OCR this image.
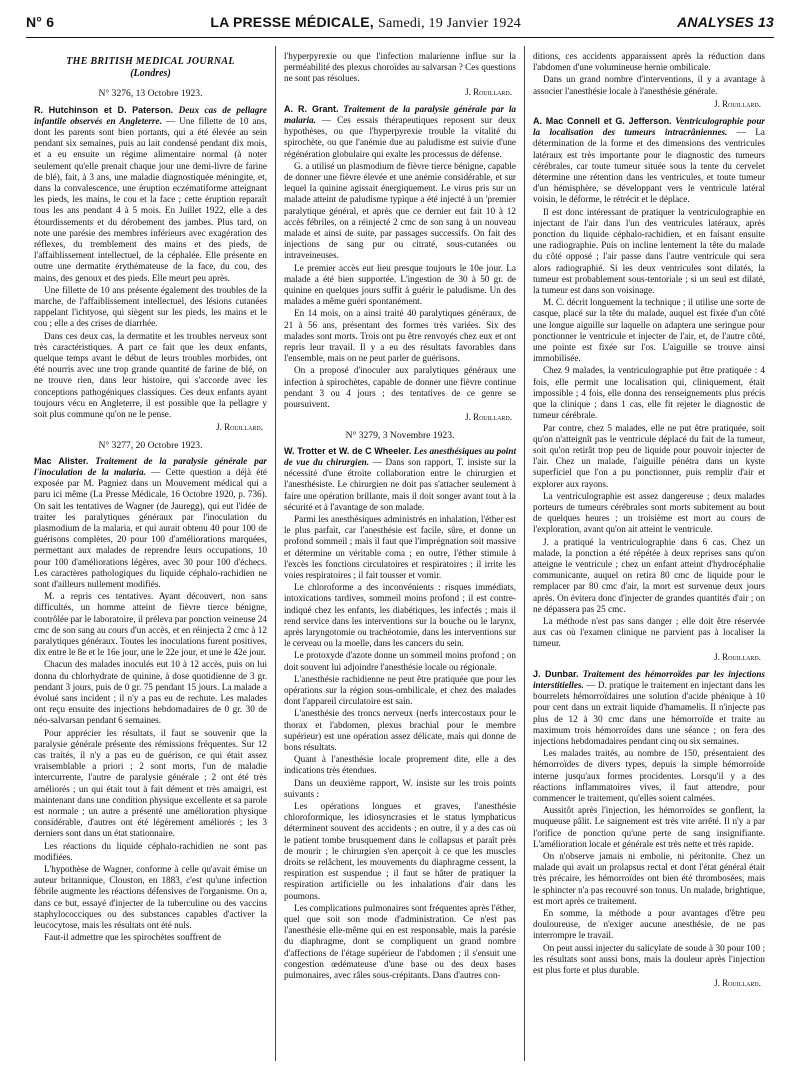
N° 6	LA PRESSE MÉDICALE, Samedi, 19 Janvier 1924	ANALYSES 13
THE BRITISH MEDICAL JOURNAL
(Londres)
N° 3276, 13 Octobre 1923.

R. Hutchinson et D. Paterson. Deux cas de pellagre infantile observés en Angleterre. — Une fillette de 10 ans, dont les parents sont bien portants, qui a été élevée au sein pendant six semaines, puis au lait condensé pendant dix mois, et a eu ensuite un régime alimentaire normal (à noter seulement qu'elle prenait chaque jour une demi-livre de farine de blé), fait, à 3 ans, une maladie diagnostiquée méningite, et, dans la convalescence, une éruption eczématiforme atteignant les pieds, les mains, le cou et la face ; cette éruption reparaît tous les ans pendant 4 à 5 mois. En Juillet 1922, elle a des étourdissements et du dérobement des jambes. Plus tard, on note une parésie des membres inférieurs avec exagération des réflexes, du tremblement des mains et des pieds, de l'affaiblissement intellectuel, de la céphalée. Elle présente en outre une dermatite érythémateuse de la face, du cou, des mains, des genoux et des pieds. Elle meurt peu après.

Une fillette de 10 ans présente également des troubles de la marche, de l'affaiblissement intellectuel, des lésions cutanées rappelant l'ichtyose, qui siègent sur les pieds, les mains et le cou ; elle a des crises de diarrhée.

Dans ces deux cas, la dermatite et les troubles nerveux sont très caractéristiques. A part ce fait que les deux enfants, quelque temps avant le début de leurs troubles morbides, ont été nourris avec une trop grande quantité de farine de blé, on ne trouve rien, dans leur histoire, qui s'accorde avec les conceptions pathogéniques classiques. Ces deux enfants ayant toujours vécu en Angleterre, il est possible que la pellagre y soit plus commune qu'on ne le pense.

J. Rouillard.
N° 3277, 20 Octobre 1923.

Mac Alister. Traitement de la paralysie générale par l'inoculation de la malaria. — Cette question a déjà été exposée par M. Pagniez dans un Mouvement médical qui a paru ici même (La Presse Médicale, 16 Octobre 1920, p. 736). On sait les tentatives de Wagner (de Jauregg), qui eut l'idée de traiter les paralytiques généraux par l'inoculation du plasmodium de la malaria, et qui aurait obtenu 40 pour 100 de guérisons complètes, 20 pour 100 d'améliorations marquées, permettant aux malades de reprendre leurs occupations, 10 pour 100 d'améliorations légères, avec 30 pour 100 d'échecs. Les caractères pathologiques du liquide céphalo-rachidien ne sont d'ailleurs nullement modifiés.

M. a repris ces tentatives. Ayant découvert, non sans difficultés, un homme atteint de fièvre tierce bénigne, contrôlée par le laboratoire, il préleva par ponction veineuse 24 cmc de son sang au cours d'un accès, et en réinjecta 2 cmc à 12 paralytiques généraux. Toutes les inoculations furent positives, dix entre le 8e et le 16e jour, une le 22e jour, et une le 42e jour.

Chacun des malades inoculés eut 10 à 12 accès, puis on lui donna du chlorhydrate de quinine, à dose quotidienne de 3 gr. pendant 3 jours, puis de 0 gr. 75 pendant 15 jours. La malade a évolué sans incident ; il n'y a pas eu de rechute. Les malades ont reçu ensuite des injections hebdomadaires de 0 gr. 30 de néo-salvarsan pendant 6 semaines.

Pour apprécier les résultats, il faut se souvenir que la paralysie générale présente des rémissions fréquentes. Sur 12 cas traités, il n'y a pas eu de guérison, ce qui était assez vraisemblable a priori ; 2 sont morts, l'un de maladie intercurrente, l'autre de paralysie générale ; 2 ont été très améliorés ; un qui était tout à fait dément et très amaigri, est maintenant dans une condition physique excellente et sa parole est normale ; un autre a présenté une amélioration physique considérable, d'autres ont été légèrement améliorés ; les 3 derniers sont dans un état stationnaire.

Les réactions du liquide céphalo-rachidien ne sont pas modifiées.

L'hypothèse de Wagner, conforme à celle qu'avait émise un auteur britannique, Clouston, en 1883, c'est qu'une infection fébrile augmente les réactions défensives de l'organisme. On a, dans ce but, essayé d'injecter de la tuberculine ou des vaccins staphylococciques ou des substances capables d'activer la leucocytose, mais les résultats ont été nuls.

Faut-il admettre que les spirochètes souffrent de

l'hyperpyrexie ou que l'infection malarienne influe sur la perméabilité des plexus choroïdes au salvarsan ? Ces questions ne sont pas résolues.

J. Rouillard.

A. R. Grant. Traitement de la paralysie générale par la malaria. — Ces essais thérapeutiques reposent sur deux hypothèses, ou que l'hyperpyrexie trouble la vitalité du spirochète, ou que l'anémie due au paludisme est suivie d'une régénération globulaire qui exalte les processus de défense.

G. a utilisé un plasmodium de fièvre tierce bénigne, capable de donner une fièvre élevée et une anémie considérable, et sur lequel la quinine agissait énergiquement. Le virus pris sur un malade atteint de paludisme typique a été injecté à un 'premier paralytique général, et après que ce dernier eut fait 10 à 12 accès fébriles, on a réinjecté 2 cmc de son sang à un nouveau malade et ainsi de suite, par passages successifs. On fait des injections de sang pur ou citraté, sous-cutanées ou intraveineuses.

Le premier accès eut lieu presque toujours le 10e jour. La malade a été bien supportée. L'ingestion de 30 à 50 gr. de quinine en quelques jours suffit à guérir le paludisme. Un des malades a même guéri spontanément.

En 14 mois, on a ainsi traité 40 paralytiques généraux, de 21 à 56 ans, présentant des formes très variées. Six des malades sont morts. Trois ont pu être renvoyés chez eux et ont repris leur travail. Il y a eu des résultats favorables dans l'ensemble, mais on ne peut parler de guérisons.

On a proposé d'inoculer aux paralytiques généraux une infection à spirochètes, capable de donner une fièvre continue pendant 3 ou 4 jours ; des tentatives de ce genre se poursuivent.

J. Rouillard.
N° 3279, 3 Novembre 1923.

W. Trotter et W. de C Wheeler. Les anesthésiques au point de vue du chirurgien. — Dans son rapport, T. insiste sur la nécessité d'une étroite collaboration entre le chirurgien et l'anesthésiste. Le chirurgien ne doit pas s'attacher seulement à faire une opération brillante, mais il doit songer avant tout à la sécurité et à l'avantage de son malade.

Parmi les anesthésiques administrés en inhalation, l'éther est le plus parfait, car l'anesthésie est facile, sûre, et donne un profond sommeil ; mais il faut que l'imprégnation soit massive et détermine un véritable coma ; en outre, l'éther stimule à l'excès les fonctions circulatoires et respiratoires ; il irrite les voies respiratoires ; il fait tousser et vomir.

Le chloroforme a des inconvénients : risques immédiats, intoxications tardives, sommeil moins profond ; il est contre-indiqué chez les enfants, les diabétiques, les infectés ; mais il rend service dans les interventions sur la bouche ou le larynx, après laryngotomie ou trachéotomie, dans les interventions sur le cerveau ou la moelle, dans les cancers du sein.

Le protoxyde d'azote donne un sommeil moins profond ; on doit souvent lui adjoindre l'anesthésie locale ou régionale.

L'anesthésie rachidienne ne peut être pratiquée que pour les opérations sur la région sous-ombilicale, et chez des malades dont l'appareil circulatoire est sain.

L'anesthésie des troncs nerveux (nerfs intercostaux pour le thorax et l'abdomen, plexus brachial pour le membre supérieur) est une opération assez délicate, mais qui donne de bons résultats.

Quant à l'anesthésie locale proprement dite, elle a des indications très étendues.

Dans un deuxième rapport, W. insiste sur les trois points suivants :

Les opérations longues et graves, l'anesthésie chloroformique, les idiosyncrasies et le status lymphaticus déterminent souvent des accidents ; en outre, il y a des cas où le patient tombe brusquement dans le collapsus et paraît près de mourir ; le chirurgien s'en aperçoit à ce que les muscles droits se relâchent, les mouvements du diaphragme cessent, la respiration est suspendue ; il faut se hâter de pratiquer la respiration artificielle ou les inhalations d'air dans les poumons.

Les complications pulmonaires sont fréquentes après l'éther, quel que soit son mode d'administration. Ce n'est pas l'anesthésie elle-même qui en est responsable, mais la parésie du diaphragme, dont se compliquent un grand nombre d'affections de l'étage supérieur de l'abdomen ; il s'ensuit une congestion œdémateuse d'une base ou des deux bases pulmonaires, avec râles sous-crépitants. Dans d'autres con-

ditions, ces accidents apparaissent après la réduction dans l'abdomen d'une volumineuse hernie ombilicale.

Dans un grand nombre d'interventions, il y a avantage à associer l'anesthésie locale à l'anesthésie générale.

J. Rouillard.

A. Mac Connell et G. Jefferson. Ventriculographie pour la localisation des tumeurs intracrâniennes. — La détermination de la forme et des dimensions des ventricules latéraux est très importante pour le diagnostic des tumeurs cérébrales, car toute tumeur située sous la tente du cervelet détermine une rétention dans les ventricules, et toute tumeur d'un hémisphère, se développant vers le ventricule latéral voisin, le déforme, le rétrécit et le déplace.

Il est donc intéressant de pratiquer la ventriculographie en injectant de l'air dans l'un des ventricules latéraux, après ponction du liquide céphalo-rachidien, et en faisant ensuite une radiographie. Puis on incline lentement la tête du malade du côté opposé ; l'air passe dans l'autre ventricule qui sera alors radiographié. Si les deux ventricules sont dilatés, la tumeur est probablement sous-tentoriale ; si un seul est dilaté, la tumeur est dans son voisinage.

M. C. décrit longuement la technique ; il utilise une sorte de casque, placé sur la tête du malade, auquel est fixée d'un côté une longue aiguille sur laquelle on adaptera une seringue pour ponctionner le ventricule et injecter de l'air, et, de l'autre côté, une pointe est fixée sur l'os. L'aiguille se trouve ainsi immobilisée.

Chez 9 malades, la ventriculographie put être pratiquée : 4 fois, elle permit une localisation qui, cliniquement, était impossible ; 4 fois, elle donna des renseignements plus précis que la clinique ; dans 1 cas, elle fit rejeter le diagnostic de tumeur cérébrale.

Par contre, chez 5 malades, elle ne put être pratiquée, soit qu'on n'atteignît pas le ventricule déplacé du fait de la tumeur, soit qu'on retirât trop peu de liquide pour pouvoir injecter de l'air. Chez un malade, l'aiguille pénétra dans un kyste superficiel que l'on a pu ponctionner, puis remplir d'air et explorer aux rayons.

La ventriculographie est assez dangereuse ; deux malades porteurs de tumeurs cérébrales sont morts subitement au bout de quelques heures ; un troisième est mort au cours de l'exploration, avant qu'on ait atteint le ventricule.

J. a pratiqué la ventriculographie dans 6 cas. Chez un malade, la ponction a été répétée à deux reprises sans qu'on atteigne le ventricule ; chez un enfant atteint d'hydrocéphalie communicante, auquel on retira 80 cmc de liquide pour le remplacer par 80 cmc d'air, la mort est survenue deux jours après. On évitera donc d'injecter de grandes quantités d'air ; on ne dépassera pas 25 cmc.

La méthode n'est pas sans danger ; elle doit être réservée aux cas où l'examen clinique ne parvient pas à localiser la tumeur.

J. Rouillard.

J. Dunbar. Traitement des hémorroïdes par les injections interstitielles. — D. pratique le traitement en injectant dans les bourrelets hémorroïdaires une solution d'acide phénique à 10 pour cent dans un extrait liquide d'hamamelis. Il n'injecte pas plus de 12 à 30 cmc dans une hémorroïde et traite au maximum trois hémorroïdes dans une séance ; on fera des injections hebdomadaires pendant cinq ou six semaines.

Les malades traités, au nombre de 150, présentaient des hémorroïdes de divers types, depuis la simple hémorroïde interne jusqu'aux formes procidentes. Lorsqu'il y a des réactions inflammatoires vives, il faut attendre, pour commencer le traitement, qu'elles soient calmées.

Aussitôt après l'injection, les hémorroïdes se gonflent, la muqueuse pâlit. Le saignement est très vite arrêté. Il n'y a par l'orifice de ponction qu'une perte de sang insignifiante. L'amélioration locale et générale est très nette et très rapide.

On n'observe jamais ni embolie, ni péritonite. Chez un malade qui avait un prolapsus rectal et dont l'état général était très précaire, les hémorroïdes ont bien été thrombosées, mais le sphincter n'a pas recouvré son tonus. Un malade, brightique, est mort après ce traitement.

En somme, la méthode a pour avantages d'être peu douloureuse, de n'exiger aucune anesthésie, de ne pas interrompre le travail.

On peut aussi injecter du salicylate de soude à 30 pour 100 ; les résultats sont aussi bons, mais la douleur après l'injection est plus forte et plus durable.

J. Rouillard.
